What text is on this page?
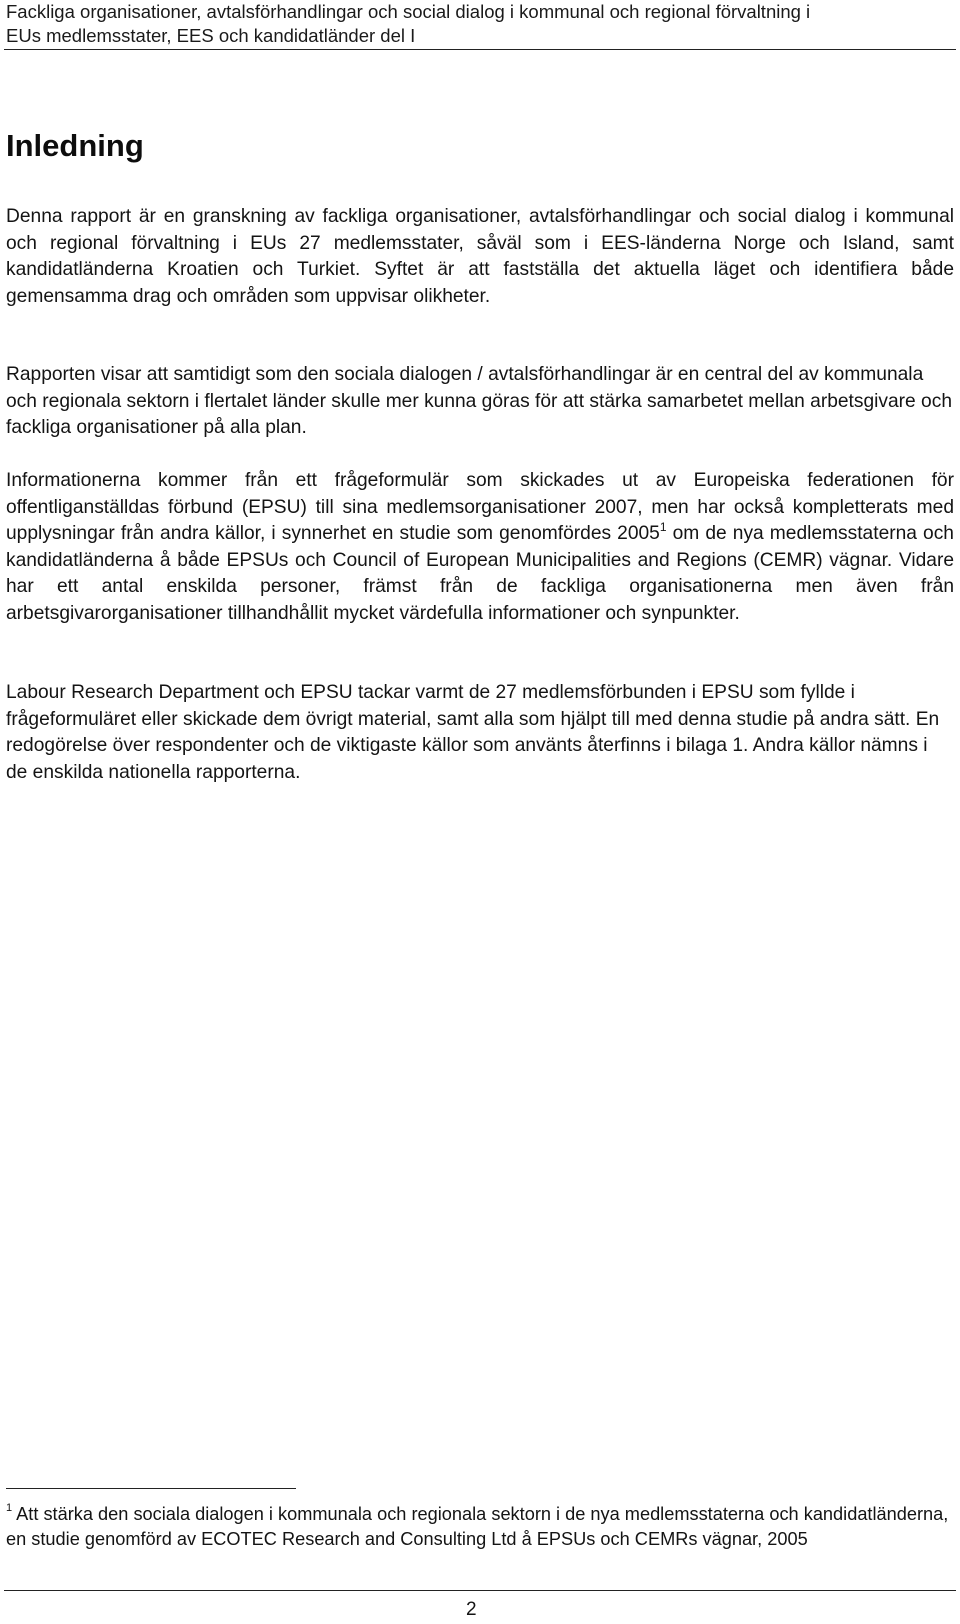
Fackliga organisationer, avtalsförhandlingar och social dialog i kommunal och regional förvaltning i
EUs medlemsstater, EES och kandidatländer del I
Inledning

Denna rapport är en granskning av fackliga organisationer, avtalsförhandlingar och social dialog i kommunal och regional förvaltning i EUs 27 medlemsstater, såväl som i EES-länderna Norge och Island, samt kandidatländerna Kroatien och Turkiet. Syftet är att fastställa det aktuella läget och identifiera både gemensamma drag och områden som uppvisar olikheter.

Rapporten visar att samtidigt som den sociala dialogen / avtalsförhandlingar är en central del av kommunala och regionala sektorn i flertalet länder skulle mer kunna göras för att stärka samarbetet mellan arbetsgivare och fackliga organisationer på alla plan.

Informationerna kommer från ett frågeformulär som skickades ut av Europeiska federationen för offentliganställdas förbund (EPSU) till sina medlemsorganisationer 2007, men har också kompletterats med upplysningar från andra källor, i synnerhet en studie som genomfördes 2005$^1$ om de nya medlemsstaterna och kandidatländerna å både EPSUs och Council of European Municipalities and Regions (CEMR) vägnar. Vidare har ett antal enskilda personer, främst från de fackliga organisationerna men även från arbetsgivarorganisationer tillhandhållit mycket värdefulla informationer och synpunkter.

Labour Research Department och EPSU tackar varmt de 27 medlemsförbunden i EPSU som fyllde i frågeformuläret eller skickade dem övrigt material, samt alla som hjälpt till med denna studie på andra sätt. En redogörelse över respondenter och de viktigaste källor som använts återfinns i bilaga 1. Andra källor nämns i de enskilda nationella rapporterna.

$^1$ Att stärka den sociala dialogen i kommunala och regionala sektorn i de nya medlemsstaterna och kandidatländerna, en studie genomförd av ECOTEC Research and Consulting Ltd å EPSUs och CEMRs vägnar, 2005

2
